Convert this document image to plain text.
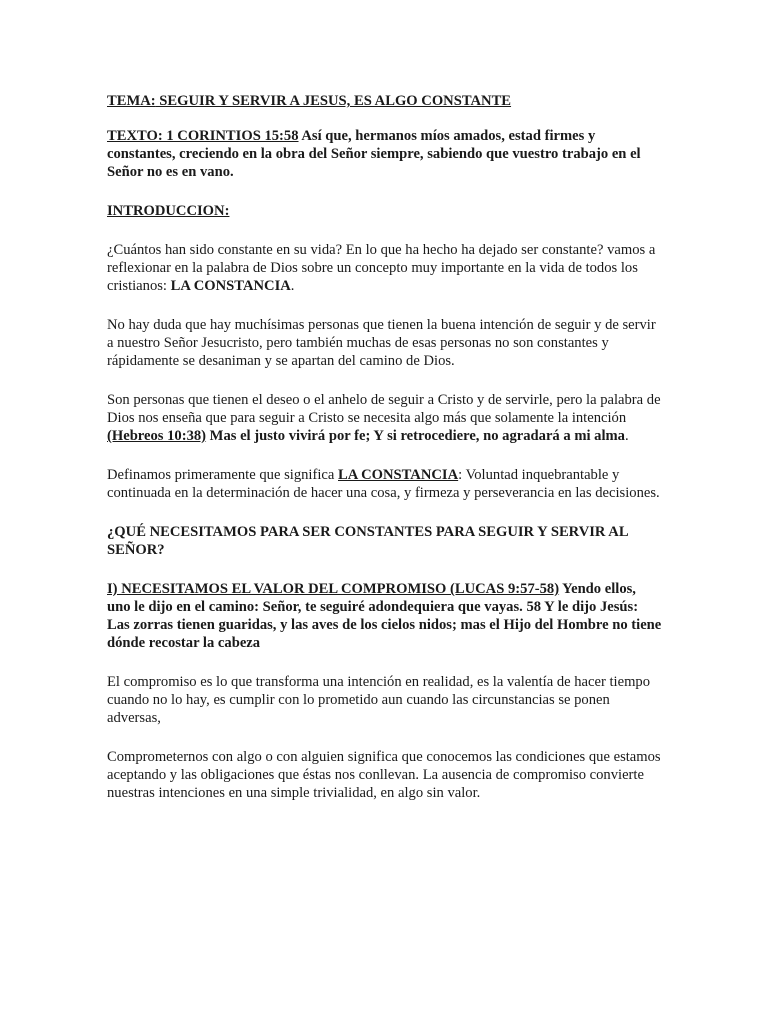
TEMA: SEGUIR Y SERVIR A JESUS, ES ALGO CONSTANTE

TEXTO: 1 CORINTIOS 15:58 Así que, hermanos míos amados, estad firmes y constantes, creciendo en la obra del Señor siempre, sabiendo que vuestro trabajo en el Señor no es en vano.

INTRODUCCION:

¿Cuántos han sido constante en su vida? En lo que ha hecho ha dejado ser constante? vamos a reflexionar en la palabra de Dios sobre un concepto muy importante en la vida de todos los cristianos: LA CONSTANCIA.

No hay duda que hay muchísimas personas que tienen la buena intención de seguir y de servir a nuestro Señor Jesucristo, pero también muchas de esas personas no son constantes y rápidamente se desaniman y se apartan del camino de Dios.

Son personas que tienen el deseo o el anhelo de seguir a Cristo y de servirle, pero la palabra de Dios nos enseña que para seguir a Cristo se necesita algo más que solamente la intención (Hebreos 10:38) Mas el justo vivirá por fe; Y si retrocediere, no agradará a mi alma.

Definamos primeramente que significa LA CONSTANCIA: Voluntad inquebrantable y continuada en la determinación de hacer una cosa, y firmeza y perseverancia en las decisiones.

¿QUÉ NECESITAMOS PARA SER CONSTANTES PARA SEGUIR Y SERVIR AL SEÑOR?

I) NECESITAMOS EL VALOR DEL COMPROMISO (LUCAS 9:57-58) Yendo ellos, uno le dijo en el camino: Señor, te seguiré adondequiera que vayas. 58 Y le dijo Jesús: Las zorras tienen guaridas, y las aves de los cielos nidos; mas el Hijo del Hombre no tiene dónde recostar la cabeza

El compromiso es lo que transforma una intención en realidad, es la valentía de hacer tiempo cuando no lo hay, es cumplir con lo prometido aun cuando las circunstancias se ponen adversas,

Comprometernos con algo o con alguien significa que conocemos las condiciones que estamos aceptando y las obligaciones que éstas nos conllevan. La ausencia de compromiso convierte nuestras intenciones en una simple trivialidad, en algo sin valor.
